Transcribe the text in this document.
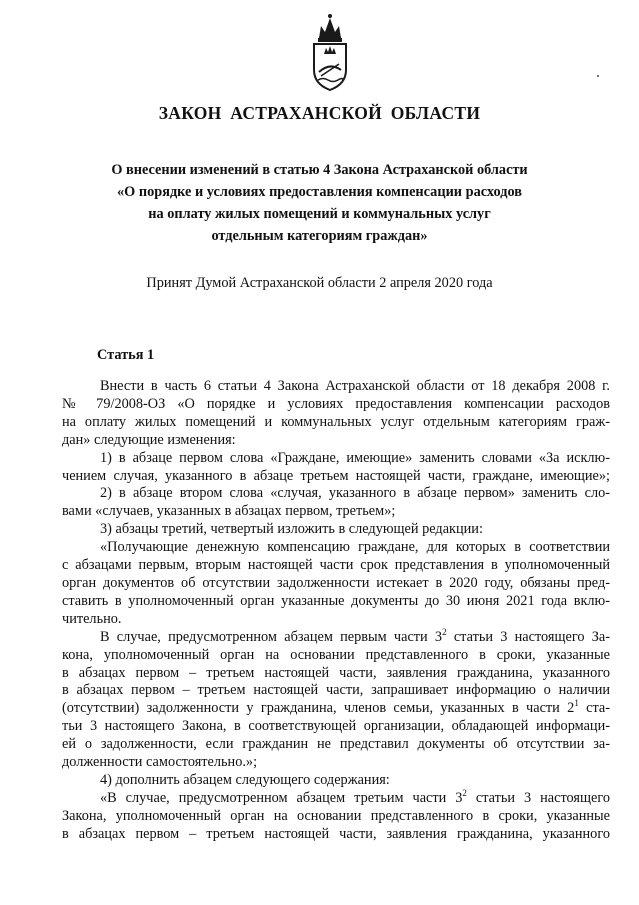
ЗАКОН АСТРАХАНСКОЙ ОБЛАСТИ
О внесении изменений в статью 4 Закона Астраханской области
«О порядке и условиях предоставления компенсации расходов
на оплату жилых помещений и коммунальных услуг
отдельным категориям граждан»
Принят Думой Астраханской области 2 апреля 2020 года
Статья 1
Внести в часть 6 статьи 4 Закона Астраханской области от 18 декабря 2008 г.
№ 79/2008-ОЗ «О порядке и условиях предоставления компенсации расходов
на оплату жилых помещений и коммунальных услуг отдельным категориям граж-
дан» следующие изменения:
1) в абзаце первом слова «Граждане, имеющие» заменить словами «За исклю-
чением случая, указанного в абзаце третьем настоящей части, граждане, имеющие»;
2) в абзаце втором слова «случая, указанного в абзаце первом» заменить сло-
вами «случаев, указанных в абзацах первом, третьем»;
3) абзацы третий, четвертый изложить в следующей редакции:
«Получающие денежную компенсацию граждане, для которых в соответствии
с абзацами первым, вторым настоящей части срок представления в уполномоченный
орган документов об отсутствии задолженности истекает в 2020 году, обязаны пред-
ставить в уполномоченный орган указанные документы до 30 июня 2021 года вклю-
чительно.
В случае, предусмотренном абзацем первым части $3^2$ статьи 3 настоящего За-
кона, уполномоченный орган на основании представленного в сроки, указанные
в абзацах первом – третьем настоящей части, заявления гражданина, указанного
в абзацах первом – третьем настоящей части, запрашивает информацию о наличии
(отсутствии) задолженности у гражданина, членов семьи, указанных в части $2^1$ ста-
тьи 3 настоящего Закона, в соответствующей организации, обладающей информаци-
ей о задолженности, если гражданин не представил документы об отсутствии за-
долженности самостоятельно.»;
4) дополнить абзацем следующего содержания:
«В случае, предусмотренном абзацем третьим части $3^2$ статьи 3 настоящего
Закона, уполномоченный орган на основании представленного в сроки, указанные
в абзацах первом – третьем настоящей части, заявления гражданина, указанного
